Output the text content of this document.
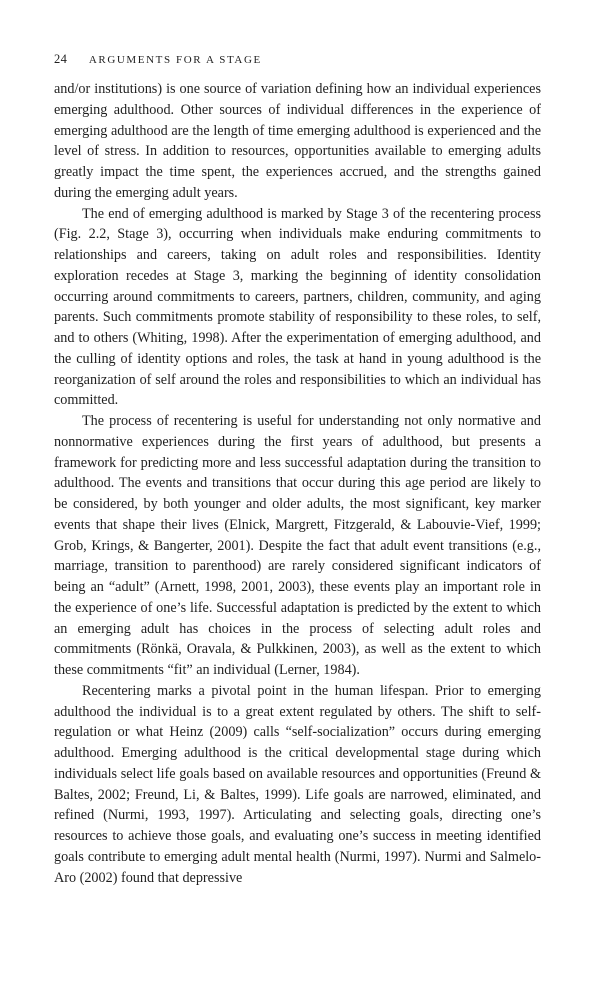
24 ARGUMENTS FOR A STAGE

and/or institutions) is one source of variation defining how an individual experiences emerging adulthood. Other sources of individual differences in the experience of emerging adulthood are the length of time emerging adulthood is experienced and the level of stress. In addition to resources, opportunities available to emerging adults greatly impact the time spent, the experiences accrued, and the strengths gained during the emerging adult years.

The end of emerging adulthood is marked by Stage 3 of the recentering process (Fig. 2.2, Stage 3), occurring when individuals make enduring commitments to relationships and careers, taking on adult roles and responsibilities. Identity exploration recedes at Stage 3, marking the beginning of identity consolidation occurring around commitments to careers, partners, children, community, and aging parents. Such commitments promote stability of responsibility to these roles, to self, and to others (Whiting, 1998). After the experimentation of emerging adulthood, and the culling of identity options and roles, the task at hand in young adulthood is the reorganization of self around the roles and responsibilities to which an individual has committed.

The process of recentering is useful for understanding not only normative and nonnormative experiences during the first years of adulthood, but presents a framework for predicting more and less successful adaptation during the transition to adulthood. The events and transitions that occur during this age period are likely to be considered, by both younger and older adults, the most significant, key marker events that shape their lives (Elnick, Margrett, Fitzgerald, & Labouvie-Vief, 1999; Grob, Krings, & Bangerter, 2001). Despite the fact that adult event transitions (e.g., marriage, transition to parenthood) are rarely considered significant indicators of being an “adult” (Arnett, 1998, 2001, 2003), these events play an important role in the experience of one’s life. Successful adaptation is predicted by the extent to which an emerging adult has choices in the process of selecting adult roles and commitments (Rönkä, Oravala, & Pulkkinen, 2003), as well as the extent to which these commitments “fit” an individual (Lerner, 1984).

Recentering marks a pivotal point in the human lifespan. Prior to emerging adulthood the individual is to a great extent regulated by others. The shift to self-regulation or what Heinz (2009) calls “self-socialization” occurs during emerging adulthood. Emerging adulthood is the critical developmental stage during which individuals select life goals based on available resources and opportunities (Freund & Baltes, 2002; Freund, Li, & Baltes, 1999). Life goals are narrowed, eliminated, and refined (Nurmi, 1993, 1997). Articulating and selecting goals, directing one’s resources to achieve those goals, and evaluating one’s success in meeting identified goals contribute to emerging adult mental health (Nurmi, 1997). Nurmi and Salmelo-Aro (2002) found that depressive
